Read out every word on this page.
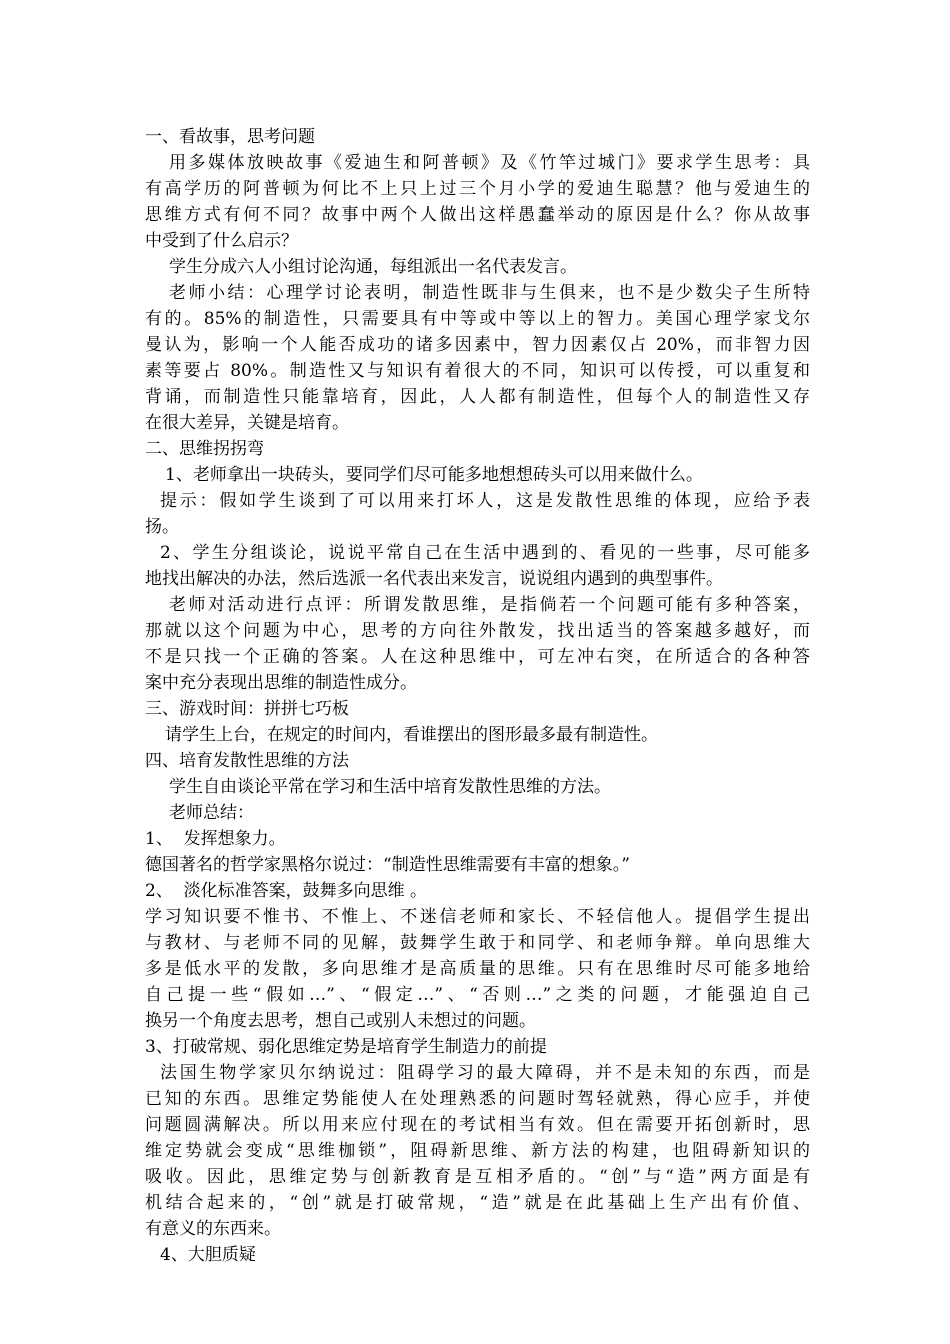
一、看故事，思考问题
用多媒体放映故事《爱迪生和阿普顿》及《竹竿过城门》要求学生思考：具
有高学历的阿普顿为何比不上只上过三个月小学的爱迪生聪慧？他与爱迪生的
思维方式有何不同？故事中两个人做出这样愚蠢举动的原因是什么？你从故事
中受到了什么启示？
学生分成六人小组讨论沟通，每组派出一名代表发言。
老师小结：心理学讨论表明，制造性既非与生俱来，也不是少数尖子生所特
有的。85%的制造性，只需要具有中等或中等以上的智力。美国心理学家戈尔
曼认为，影响一个人能否成功的诸多因素中，智力因素仅占 20%，而非智力因
素等要占 80%。制造性又与知识有着很大的不同，知识可以传授，可以重复和
背诵，而制造性只能靠培育，因此，人人都有制造性，但每个人的制造性又存
在很大差异，关键是培育。
二、思维拐拐弯
1、老师拿出一块砖头，要同学们尽可能多地想想砖头可以用来做什么。
提示：假如学生谈到了可以用来打坏人，这是发散性思维的体现，应给予表
扬。
2、学生分组谈论，说说平常自己在生活中遇到的、看见的一些事，尽可能多
地找出解决的办法，然后选派一名代表出来发言，说说组内遇到的典型事件。
老师对活动进行点评：所谓发散思维，是指倘若一个问题可能有多种答案，
那就以这个问题为中心，思考的方向往外散发，找出适当的答案越多越好，而
不是只找一个正确的答案。人在这种思维中，可左冲右突，在所适合的各种答
案中充分表现出思维的制造性成分。
三、游戏时间：拼拼七巧板
请学生上台，在规定的时间内，看谁摆出的图形最多最有制造性。
四、培育发散性思维的方法
学生自由谈论平常在学习和生活中培育发散性思维的方法。
老师总结：
1、  发挥想象力。
德国著名的哲学家黑格尔说过：“制造性思维需要有丰富的想象。”
2、  淡化标准答案，鼓舞多向思维 。
学习知识要不惟书、不惟上、不迷信老师和家长、不轻信他人。提倡学生提出
与教材、与老师不同的见解，鼓舞学生敢于和同学、和老师争辩。单向思维大
多是低水平的发散，多向思维才是高质量的思维。只有在思维时尽可能多地给
自己提一些“假如…”、“假定…”、“否则…”之类的问题，才能强迫自己
换另一个角度去思考，想自己或别人未想过的问题。
3、打破常规、弱化思维定势是培育学生制造力的前提
法国生物学家贝尔纳说过：阻碍学习的最大障碍，并不是未知的东西，而是
已知的东西。思维定势能使人在处理熟悉的问题时驾轻就熟，得心应手，并使
问题圆满解决。所以用来应付现在的考试相当有效。但在需要开拓创新时，思
维定势就会变成“思维枷锁”，阻碍新思维、新方法的构建，也阻碍新知识的
吸收。因此，思维定势与创新教育是互相矛盾的。“创”与“造”两方面是有
机结合起来的，“创”就是打破常规，“造”就是在此基础上生产出有价值、
有意义的东西来。
4、大胆质疑
